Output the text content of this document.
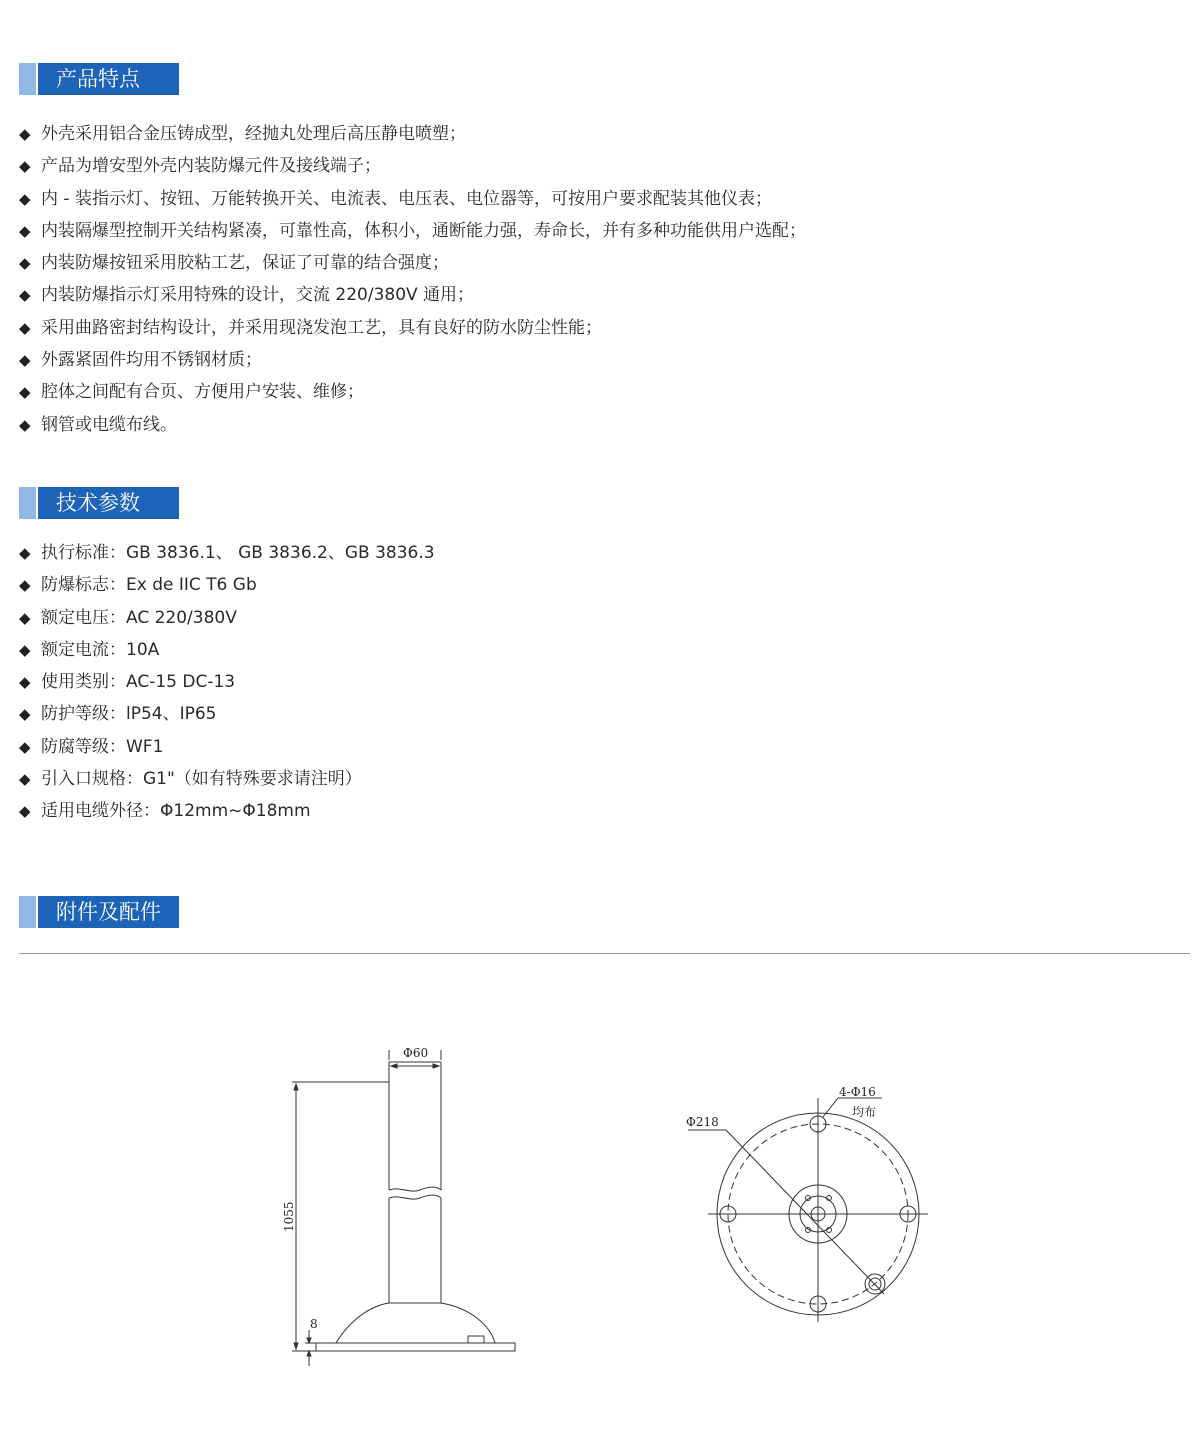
产品特点
◆ 外壳采用铝合金压铸成型，经抛丸处理后高压静电喷塑；
◆ 产品为增安型外壳内装防爆元件及接线端子；
◆ 内 - 装指示灯、按钮、万能转换开关、电流表、电压表、电位器等，可按用户要求配装其他仪表；
◆ 内装隔爆型控制开关结构紧凑，可靠性高，体积小，通断能力强，寿命长，并有多种功能供用户选配；
◆ 内装防爆按钮采用胶粘工艺，保证了可靠的结合强度；
◆ 内装防爆指示灯采用特殊的设计，交流 220/380V 通用；
◆ 采用曲路密封结构设计，并采用现浇发泡工艺，具有良好的防水防尘性能；
◆ 外露紧固件均用不锈钢材质；
◆ 腔体之间配有合页、方便用户安装、维修；
◆ 钢管或电缆布线。
技术参数
◆ 执行标准：GB 3836.1、 GB 3836.2、GB 3836.3
◆ 防爆标志：Ex de IIC T6 Gb
◆ 额定电压：AC 220/380V
◆ 额定电流：10A
◆ 使用类别：AC-15 DC-13
◆ 防护等级：lP54、IP65
◆ 防腐等级：WF1
◆ 引入口规格：G1"（如有特殊要求请注明）
◆ 适用电缆外径：Φ12mm~Φ18mm
附件及配件
Φ60
1055
8
Φ218
4-Φ16
均布
